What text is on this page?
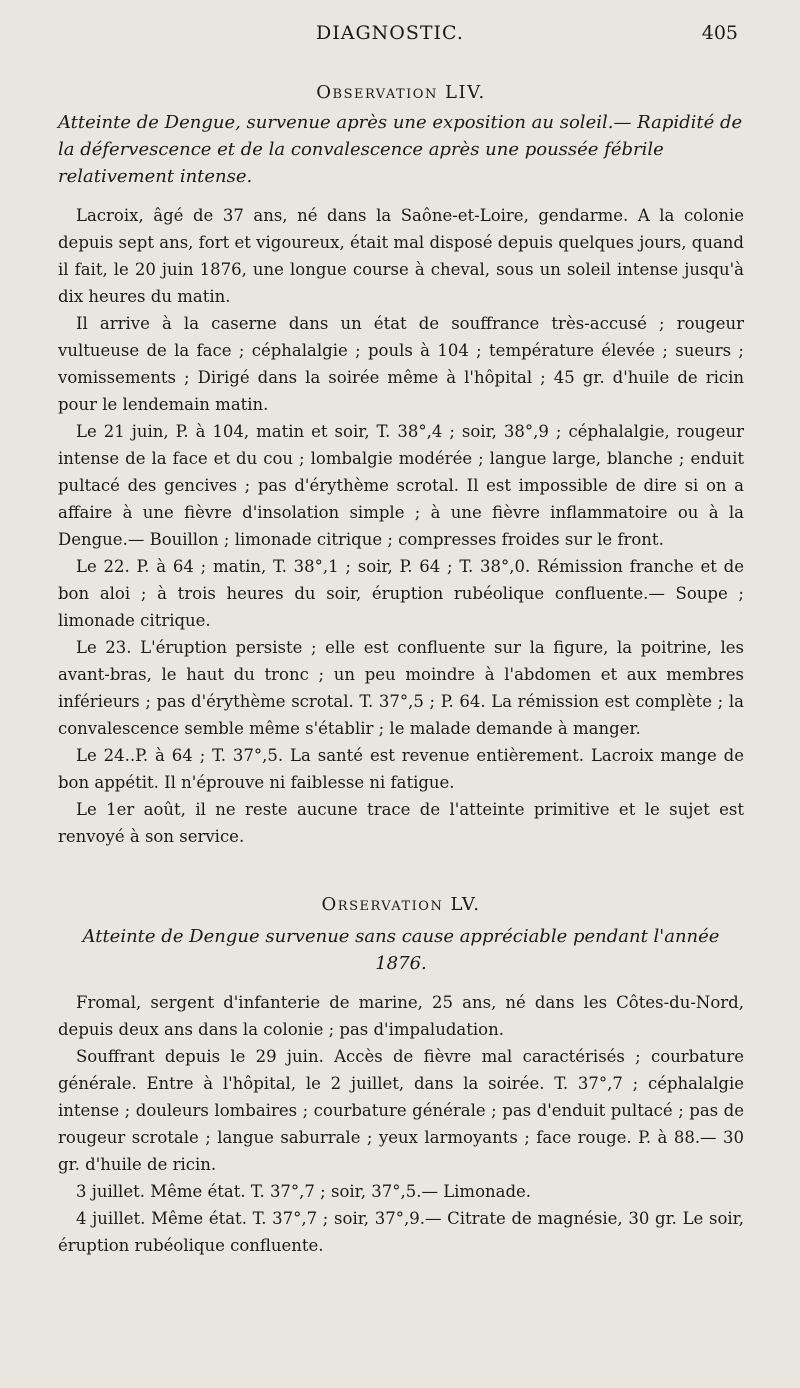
DIAGNOSTIC.	405
Observation LIV.
Atteinte de Dengue, survenue après une exposition au soleil.— Rapidité de la défervescence et de la convalescence après une poussée fébrile relativement intense.

Lacroix, âgé de 37 ans, né dans la Saône-et-Loire, gendarme. A la colonie depuis sept ans, fort et vigoureux, était mal disposé depuis quelques jours, quand il fait, le 20 juin 1876, une longue course à cheval, sous un soleil intense jusqu'à dix heures du matin.

Il arrive à la caserne dans un état de souffrance très-accusé ; rougeur vultueuse de la face ; céphalalgie ; pouls à 104 ; température élevée ; sueurs ; vomissements ; Dirigé dans la soirée même à l'hôpital ; 45 gr. d'huile de ricin pour le lendemain matin.

Le 21 juin, P. à 104, matin et soir, T. 38°,4 ; soir, 38°,9 ; céphalalgie, rougeur intense de la face et du cou ; lombalgie modérée ; langue large, blanche ; enduit pultacé des gencives ; pas d'érythème scrotal. Il est impossible de dire si on a affaire à une fièvre d'insolation simple ; à une fièvre inflammatoire ou à la Dengue.— Bouillon ; limonade citrique ; compresses froides sur le front.

Le 22. P. à 64 ; matin, T. 38°,1 ; soir, P. 64 ; T. 38°,0. Rémission franche et de bon aloi ; à trois heures du soir, éruption rubéolique confluente.— Soupe ; limonade citrique.

Le 23. L'éruption persiste ; elle est confluente sur la figure, la poitrine, les avant-bras, le haut du tronc ; un peu moindre à l'abdomen et aux membres inférieurs ; pas d'érythème scrotal. T. 37°,5 ; P. 64. La rémission est complète ; la convalescence semble même s'établir ; le malade demande à manger.

Le 24..P. à 64 ; T. 37°,5. La santé est revenue entièrement. Lacroix mange de bon appétit. Il n'éprouve ni faiblesse ni fatigue.

Le 1er août, il ne reste aucune trace de l'atteinte primitive et le sujet est renvoyé à son service.

Orservation LV.
Atteinte de Dengue survenue sans cause appréciable pendant l'année 1876.

Fromal, sergent d'infanterie de marine, 25 ans, né dans les Côtes-du-Nord, depuis deux ans dans la colonie ; pas d'impaludation.

Souffrant depuis le 29 juin. Accès de fièvre mal caractérisés ; courbature générale. Entre à l'hôpital, le 2 juillet, dans la soirée. T. 37°,7 ; céphalalgie intense ; douleurs lombaires ; courbature générale ; pas d'enduit pultacé ; pas de rougeur scrotale ; langue saburrale ; yeux larmoyants ; face rouge. P. à 88.— 30 gr. d'huile de ricin.

3 juillet. Même état. T. 37°,7 ; soir, 37°,5.— Limonade.

4 juillet. Même état. T. 37°,7 ; soir, 37°,9.— Citrate de magnésie, 30 gr. Le soir, éruption rubéolique confluente.
